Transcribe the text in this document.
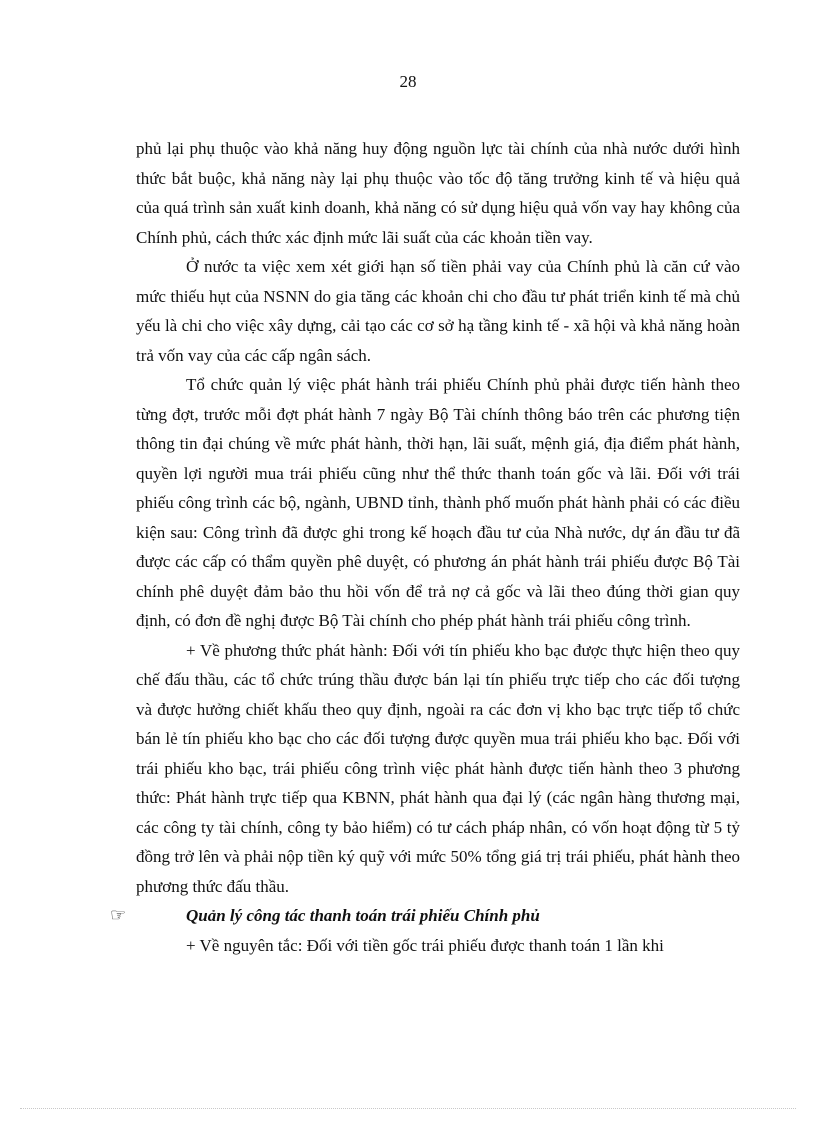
28

phủ lại phụ thuộc vào khả năng huy động nguồn lực tài chính của nhà nước dưới hình thức bắt buộc, khả năng này lại phụ thuộc vào tốc độ tăng trưởng kinh tế và hiệu quả của quá trình sản xuất kinh doanh, khả năng có sử dụng hiệu quả vốn vay hay không của Chính phủ, cách thức xác định mức lãi suất của các khoản tiền vay.

Ở nước ta việc xem xét giới hạn số tiền phải vay của Chính phủ là căn cứ vào mức thiếu hụt của NSNN do gia tăng các khoản chi cho đầu tư phát triển kinh tế mà chủ yếu là chi cho việc xây dựng, cải tạo các cơ sở hạ tầng kinh tế - xã hội và khả năng hoàn trả vốn vay của các cấp ngân sách.

Tổ chức quản lý việc phát hành trái phiếu Chính phủ phải được tiến hành theo từng đợt, trước mỗi đợt phát hành 7 ngày Bộ Tài chính thông báo trên các phương tiện thông tin đại chúng về mức phát hành, thời hạn, lãi suất, mệnh giá, địa điểm phát hành, quyền lợi người mua trái phiếu cũng như thể thức thanh toán gốc và lãi. Đối với trái phiếu công trình các bộ, ngành, UBND tỉnh, thành phố muốn phát hành phải có các điều kiện sau: Công trình đã được ghi trong kế hoạch đầu tư của Nhà nước, dự án đầu tư đã được các cấp có thẩm quyền phê duyệt, có phương án phát hành trái phiếu được Bộ Tài chính phê duyệt đảm bảo thu hồi vốn để trả nợ cả gốc và lãi theo đúng thời gian quy định, có đơn đề nghị được Bộ Tài chính cho phép phát hành trái phiếu công trình.

+ Về phương thức phát hành: Đối với tín phiếu kho bạc được thực hiện theo quy chế đấu thầu, các tổ chức trúng thầu được bán lại tín phiếu trực tiếp cho các đối tượng và được hưởng chiết khấu theo quy định, ngoài ra các đơn vị kho bạc trực tiếp tổ chức bán lẻ tín phiếu kho bạc cho các đối tượng được quyền mua trái phiếu kho bạc. Đối với trái phiếu kho bạc, trái phiếu công trình việc phát hành được tiến hành theo 3 phương thức: Phát hành trực tiếp qua KBNN, phát hành qua đại lý (các ngân hàng thương mại, các công ty tài chính, công ty bảo hiểm) có tư cách pháp nhân, có vốn hoạt động từ 5 tỷ đồng trở lên và phải nộp tiền ký quỹ với mức 50% tổng giá trị trái phiếu, phát hành theo phương thức đấu thầu.

☞	Quản lý công tác thanh toán trái phiếu Chính phủ

+ Về nguyên tắc: Đối với tiền gốc trái phiếu được thanh toán 1 lần khi
